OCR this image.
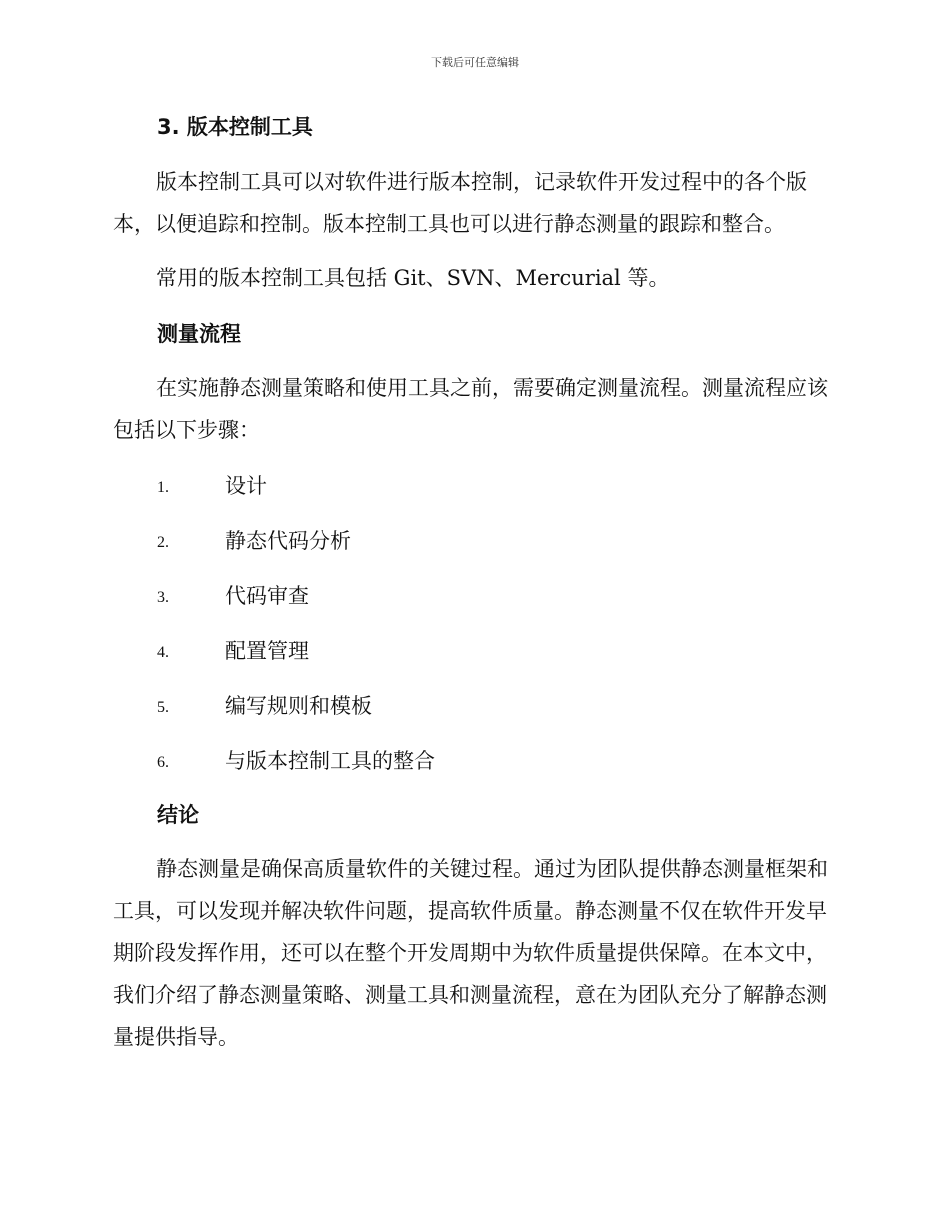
下载后可任意编辑
3. 版本控制工具

版本控制工具可以对软件进行版本控制，记录软件开发过程中的各个版本，以便追踪和控制。版本控制工具也可以进行静态测量的跟踪和整合。

常用的版本控制工具包括 Git、SVN、Mercurial 等。

测量流程

在实施静态测量策略和使用工具之前，需要确定测量流程。测量流程应该包括以下步骤：

1.	设计
2.	静态代码分析
3.	代码审查
4.	配置管理
5.	编写规则和模板
6.	与版本控制工具的整合
结论

静态测量是确保高质量软件的关键过程。通过为团队提供静态测量框架和工具，可以发现并解决软件问题，提高软件质量。静态测量不仅在软件开发早期阶段发挥作用，还可以在整个开发周期中为软件质量提供保障。在本文中，我们介绍了静态测量策略、测量工具和测量流程，意在为团队充分了解静态测量提供指导。
